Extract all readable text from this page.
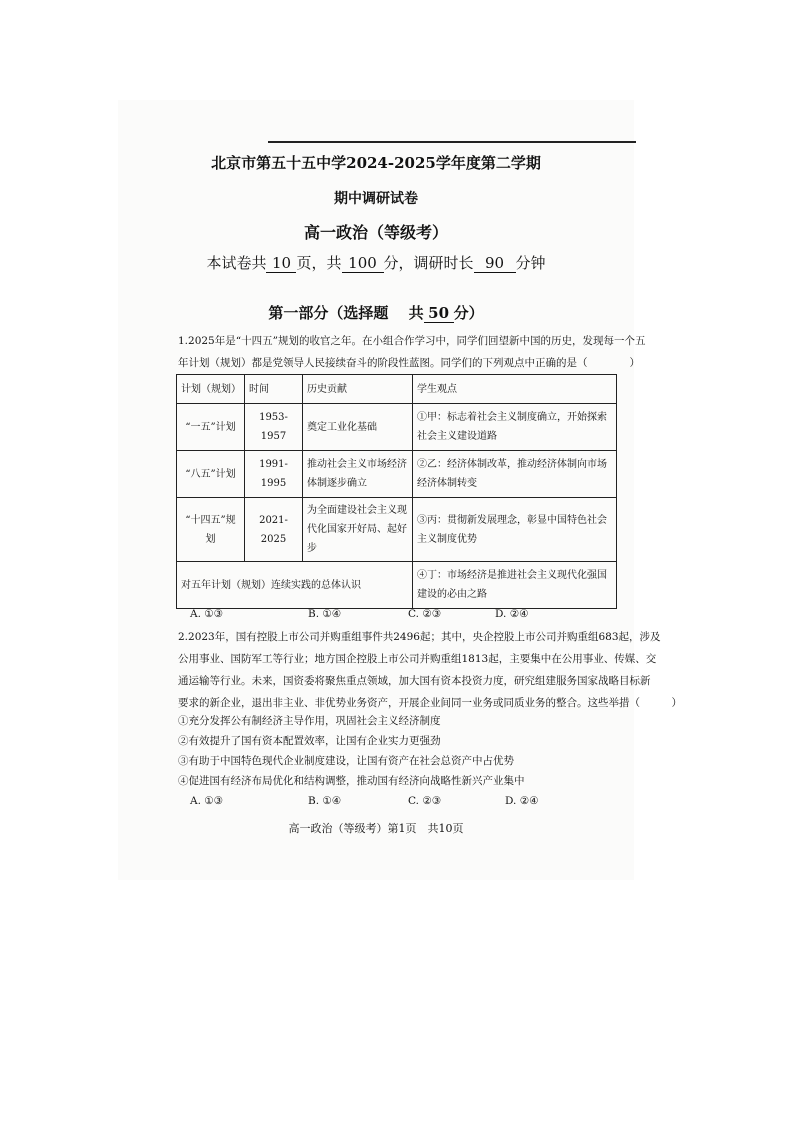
北京市第五十五中学2024-2025学年度第二学期
期中调研试卷
高一政治（等级考）
本试卷共 10 页，共 100 分，调研时长 90 分钟
第一部分（选择题　 共 50 分）
1.2025年是“十四五”规划的收官之年。在小组合作学习中，同学们回望新中国的历史，发现每一个五
年计划（规划）都是党领导人民接续奋斗的阶段性蓝图。同学们的下列观点中正确的是（　　　　）
计划（规划）	时间	历史贡献	学生观点
“一五”计划	1953-1957	奠定工业化基础	①甲：标志着社会主义制度确立，开始探索社会主义建设道路
“八五”计划	1991-1995	推动社会主义市场经济体制逐步确立	②乙：经济体制改革，推动经济体制向市场经济体制转变
“十四五”规划	2021-2025	为全面建设社会主义现代化国家开好局、起好步	③丙：贯彻新发展理念，彰显中国特色社会主义制度优势
对五年计划（规划）连续实践的总体认识			④丁：市场经济是推进社会主义现代化强国建设的必由之路
A. ①③	B. ①④	C. ②③	D. ②④
2.2023年，国有控股上市公司并购重组事件共2496起；其中，央企控股上市公司并购重组683起，涉及
公用事业、国防军工等行业；地方国企控股上市公司并购重组1813起，主要集中在公用事业、传媒、交
通运输等行业。未来，国资委将聚焦重点领域，加大国有资本投资力度，研究组建服务国家战略目标新
要求的新企业，退出非主业、非优势业务资产，开展企业间同一业务或同质业务的整合。这些举措（　　　）
①充分发挥公有制经济主导作用，巩固社会主义经济制度
②有效提升了国有资本配置效率，让国有企业实力更强劲
③有助于中国特色现代企业制度建设，让国有资产在社会总资产中占优势
④促进国有经济布局优化和结构调整，推动国有经济向战略性新兴产业集中
A. ①③	B. ①④	C. ②③	D. ②④
高一政治（等级考）第1页　共10页
